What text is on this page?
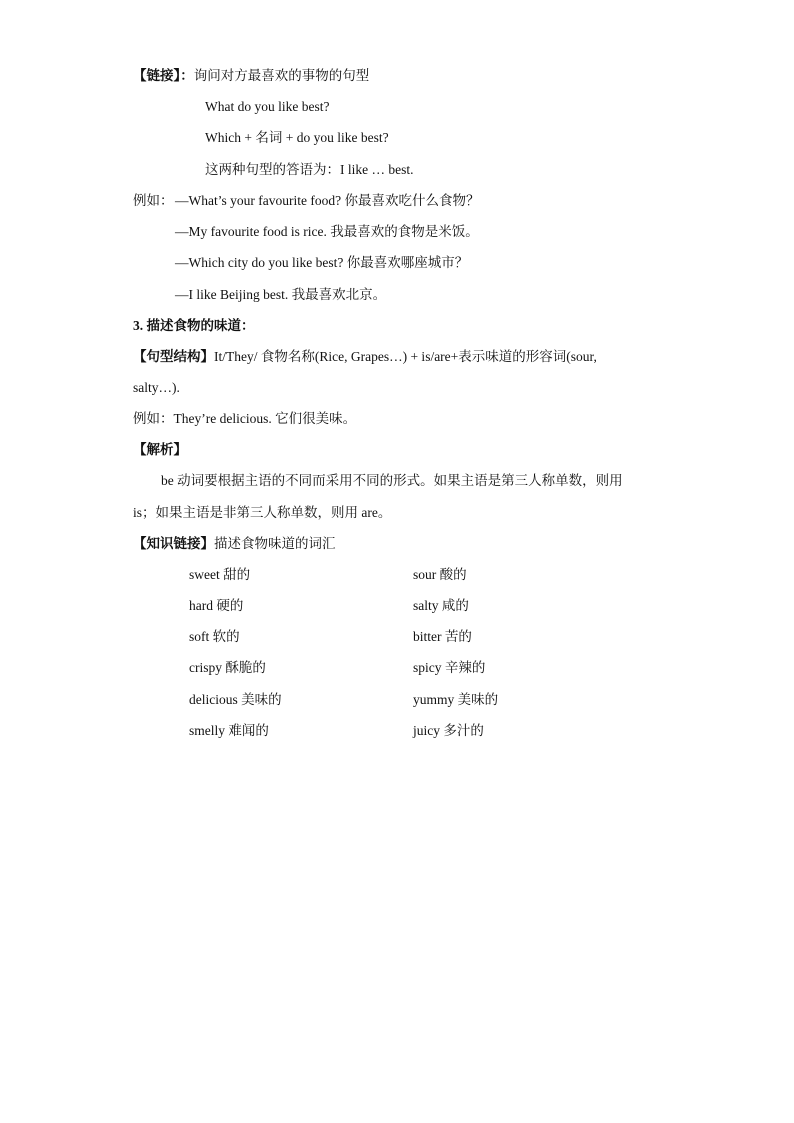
【链接】：询问对方最喜欢的事物的句型
What do you like best?
Which + 名词 + do you like best?
这两种句型的答语为：I like … best.
例如： —What’s your favourite food? 你最喜欢吃什么食物？
—My favourite food is rice. 我最喜欢的食物是米饭。
—Which city do you like best? 你最喜欢哪座城市？
—I like Beijing best. 我最喜欢北京。
3. 描述食物的味道：
【句型结构】It/They/ 食物名称(Rice, Grapes…) + is/are+表示味道的形容词(sour,
salty…).
例如：They’re delicious. 它们很美味。
【解析】
be 动词要根据主语的不同而采用不同的形式。如果主语是第三人称单数，则用
is；如果主语是非第三人称单数，则用 are。
【知识链接】描述食物味道的词汇
sweet 甜的	sour 酸的
hard 硬的	salty 咸的
soft 软的	bitter 苦的
crispy 酥脆的	spicy 辛辣的
delicious 美味的	yummy 美味的
smelly 难闻的	juicy 多汁的
